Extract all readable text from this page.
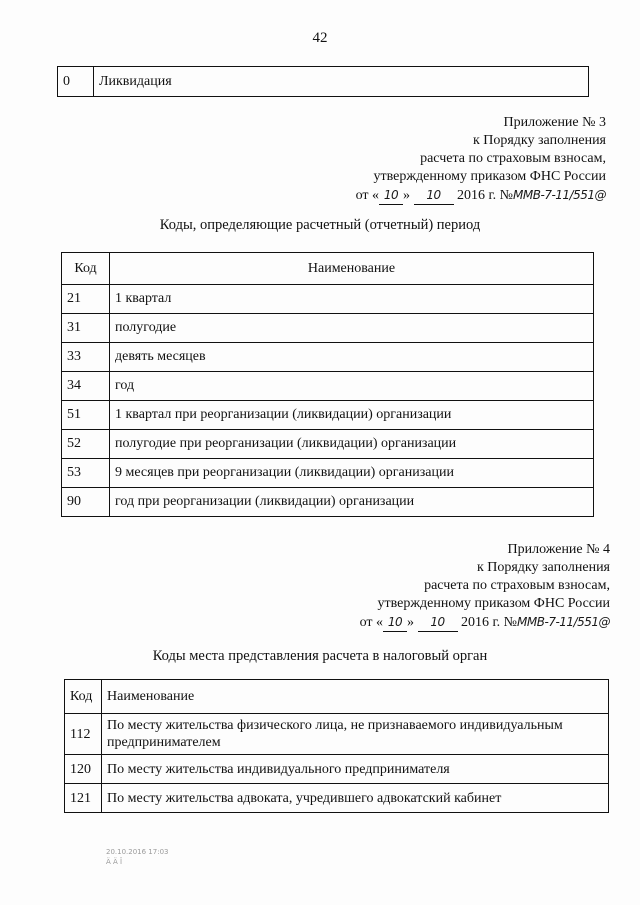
42
0	Ликвидация
Приложение № 3
к Порядку заполнения
расчета по страховым взносам,
утвержденному приказом ФНС России
от « 10 » 10 2016 г. №ММВ-7-11/551@
Коды, определяющие расчетный (отчетный) период
Код	Наименование
21	1 квартал
31	полугодие
33	девять месяцев
34	год
51	1 квартал при реорганизации (ликвидации) организации
52	полугодие при реорганизации (ликвидации) организации
53	9 месяцев при реорганизации (ликвидации) организации
90	год при реорганизации (ликвидации) организации
Приложение № 4
к Порядку заполнения
расчета по страховым взносам,
утвержденному приказом ФНС России
от « 10 » 10 2016 г. №ММВ-7-11/551@
Коды места представления расчета в налоговый орган
Код	Наименование
112	По месту жительства физического лица, не признаваемого индивидуальным предпринимателем
120	По месту жительства индивидуального предпринимателя
121	По месту жительства адвоката, учредившего адвокатский кабинет
20.10.2016 17:03
Ä Ä Î
